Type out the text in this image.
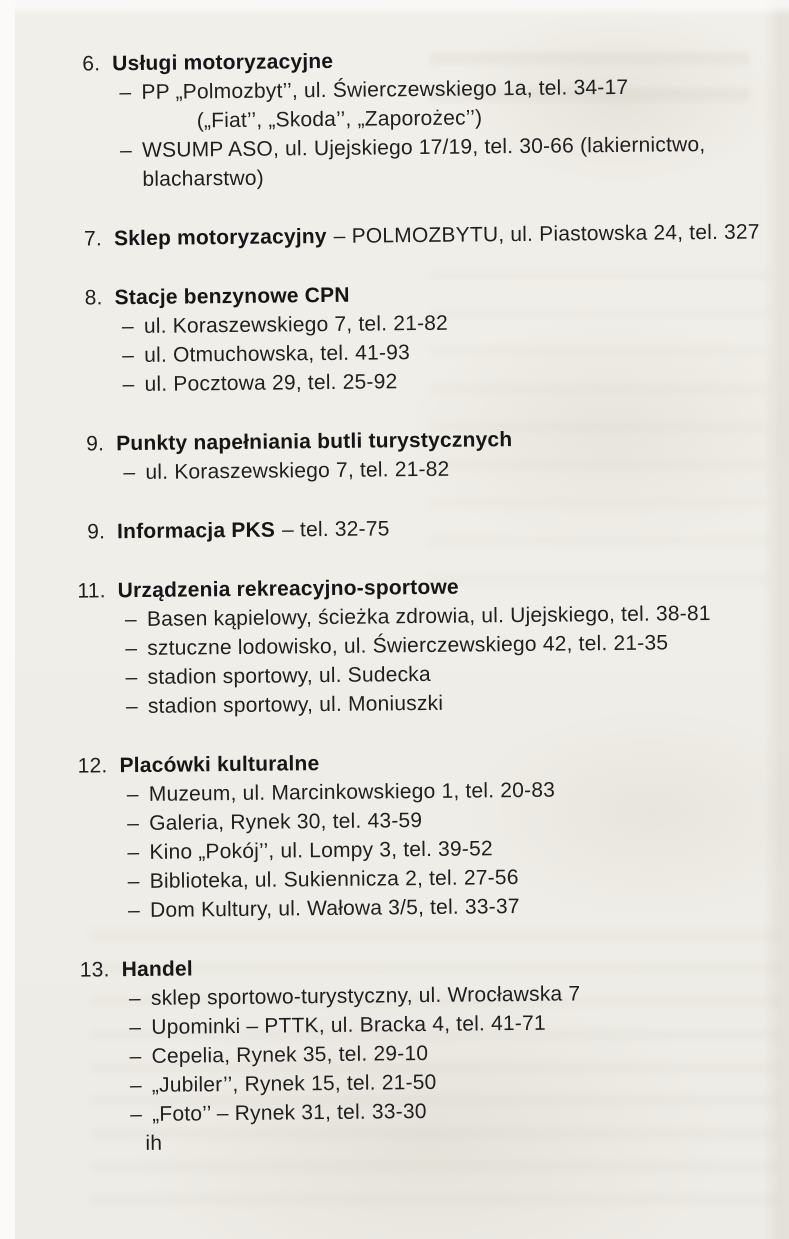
6. Usługi motoryzacyjne
– PP „Polmozbyt’’, ul. Świerczewskiego 1a, tel. 34-17
(„Fiat’’, „Skoda’’, „Zaporożec’’)
– WSUMP ASO, ul. Ujejskiego 17/19, tel. 30-66 (lakiernictwo,
blacharstwo)
7. Sklep motoryzacyjny – POLMOZBYTU, ul. Piastowska 24, tel. 327
8. Stacje benzynowe CPN
– ul. Koraszewskiego 7, tel. 21-82
– ul. Otmuchowska, tel. 41-93
– ul. Pocztowa 29, tel. 25-92
9. Punkty napełniania butli turystycznych
– ul. Koraszewskiego 7, tel. 21-82
9. Informacja PKS – tel. 32-75
11. Urządzenia rekreacyjno-sportowe
– Basen kąpielowy, ścieżka zdrowia, ul. Ujejskiego, tel. 38-81
– sztuczne lodowisko, ul. Świerczewskiego 42, tel. 21-35
– stadion sportowy, ul. Sudecka
– stadion sportowy, ul. Moniuszki
12. Placówki kulturalne
– Muzeum, ul. Marcinkowskiego 1, tel. 20-83
– Galeria, Rynek 30, tel. 43-59
– Kino „Pokój’’, ul. Lompy 3, tel. 39-52
– Biblioteka, ul. Sukiennicza 2, tel. 27-56
– Dom Kultury, ul. Wałowa 3/5, tel. 33-37
13. Handel
– sklep sportowo-turystyczny, ul. Wrocławska 7
– Upominki – PTTK, ul. Bracka 4, tel. 41-71
– Cepelia, Rynek 35, tel. 29-10
– „Jubiler’’, Rynek 15, tel. 21-50
– „Foto’’ – Rynek 31, tel. 33-30
ih
